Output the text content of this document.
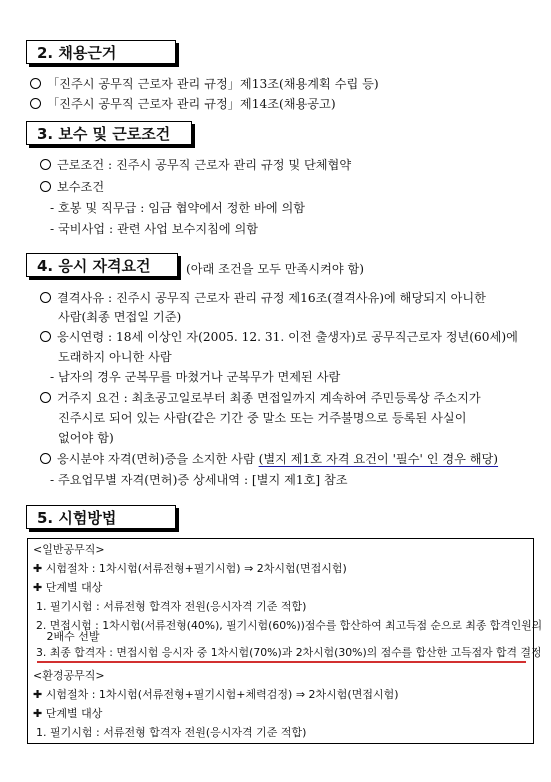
2. 채용근거
「진주시 공무직 근로자 관리 규정」제13조(채용계획 수립 등)
「진주시 공무직 근로자 관리 규정」제14조(채용공고)
3. 보수 및 근로조건
근로조건 : 진주시 공무직 근로자 관리 규정 및 단체협약
보수조건
- 호봉 및 직무급 : 임금 협약에서 정한 바에 의함
- 국비사업 : 관련 사업 보수지침에 의함
4. 응시 자격요건	(아래 조건을 모두 만족시켜야 함)
결격사유 : 진주시 공무직 근로자 관리 규정 제16조(결격사유)에 해당되지 아니한
사람(최종 면접일 기준)
응시연령 : 18세 이상인 자(2005. 12. 31. 이전 출생자)로 공무직근로자 정년(60세)에
도래하지 아니한 사람
- 남자의 경우 군복무를 마쳤거나 군복무가 면제된 사람
거주지 요건 : 최초공고일로부터 최종 면접일까지 계속하여 주민등록상 주소지가
진주시로 되어 있는 사람(같은 기간 중 말소 또는 거주불명으로 등록된 사실이
없어야 함)
응시분야 자격(면허)증을 소지한 사람 (별지 제1호 자격 요건이 '필수' 인 경우 해당)
- 주요업무별 자격(면허)증 상세내역 : [별지 제1호] 참조
5. 시험방법
<일반공무직>
✚ 시험절차 : 1차시험(서류전형+필기시험) ⇒ 2차시험(면접시험)
✚ 단계별 대상
1. 필기시험 : 서류전형 합격자 전원(응시자격 기준 적합)
2. 면접시험 : 1차시험(서류전형(40%), 필기시험(60%))점수를 합산하여 최고득점 순으로 최종 합격인원의
2배수 선발
3. 최종 합격자 : 면접시험 응시자 중 1차시험(70%)과 2차시험(30%)의 점수를 합산한 고득점자 합격 결정
<환경공무직>
✚ 시험절차 : 1차시험(서류전형+필기시험+체력검정) ⇒ 2차시험(면접시험)
✚ 단계별 대상
1. 필기시험 : 서류전형 합격자 전원(응시자격 기준 적합)
